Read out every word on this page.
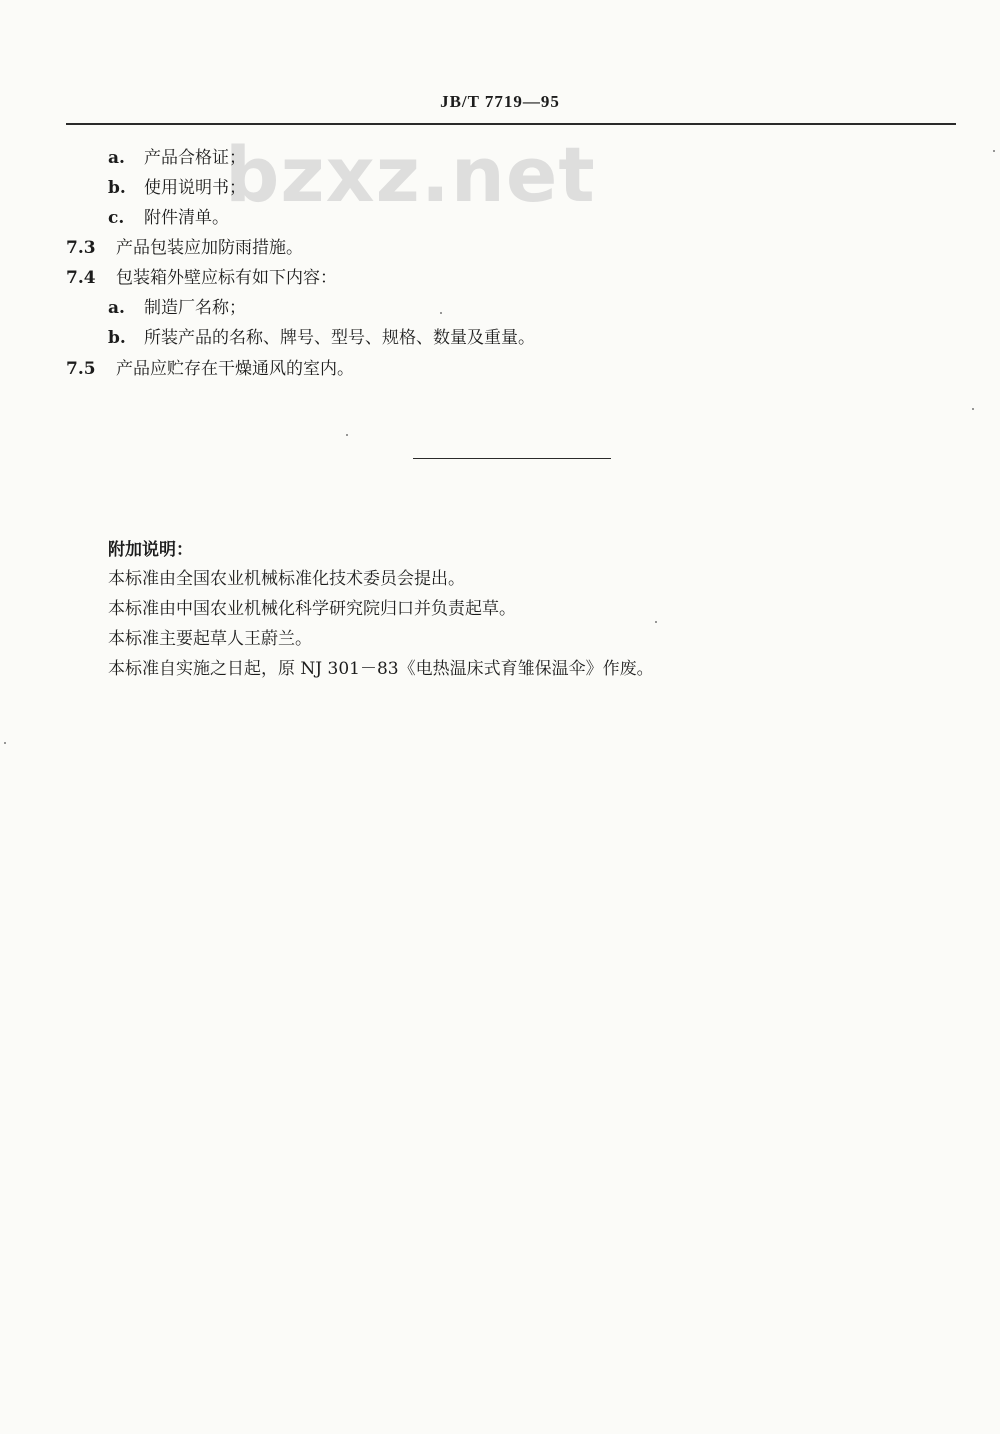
JB/T 7719—95
bzxz.net
a. 产品合格证；
b. 使用说明书；
c. 附件清单。
7.3 产品包装应加防雨措施。
7.4 包装箱外壁应标有如下内容：
a. 制造厂名称；
b. 所装产品的名称、牌号、型号、规格、数量及重量。
7.5 产品应贮存在干燥通风的室内。
附加说明：
本标准由全国农业机械标准化技术委员会提出。
本标准由中国农业机械化科学研究院归口并负责起草。
本标准主要起草人王蔚兰。
本标准自实施之日起，原 NJ 301－83《电热温床式育雏保温伞》作废。
